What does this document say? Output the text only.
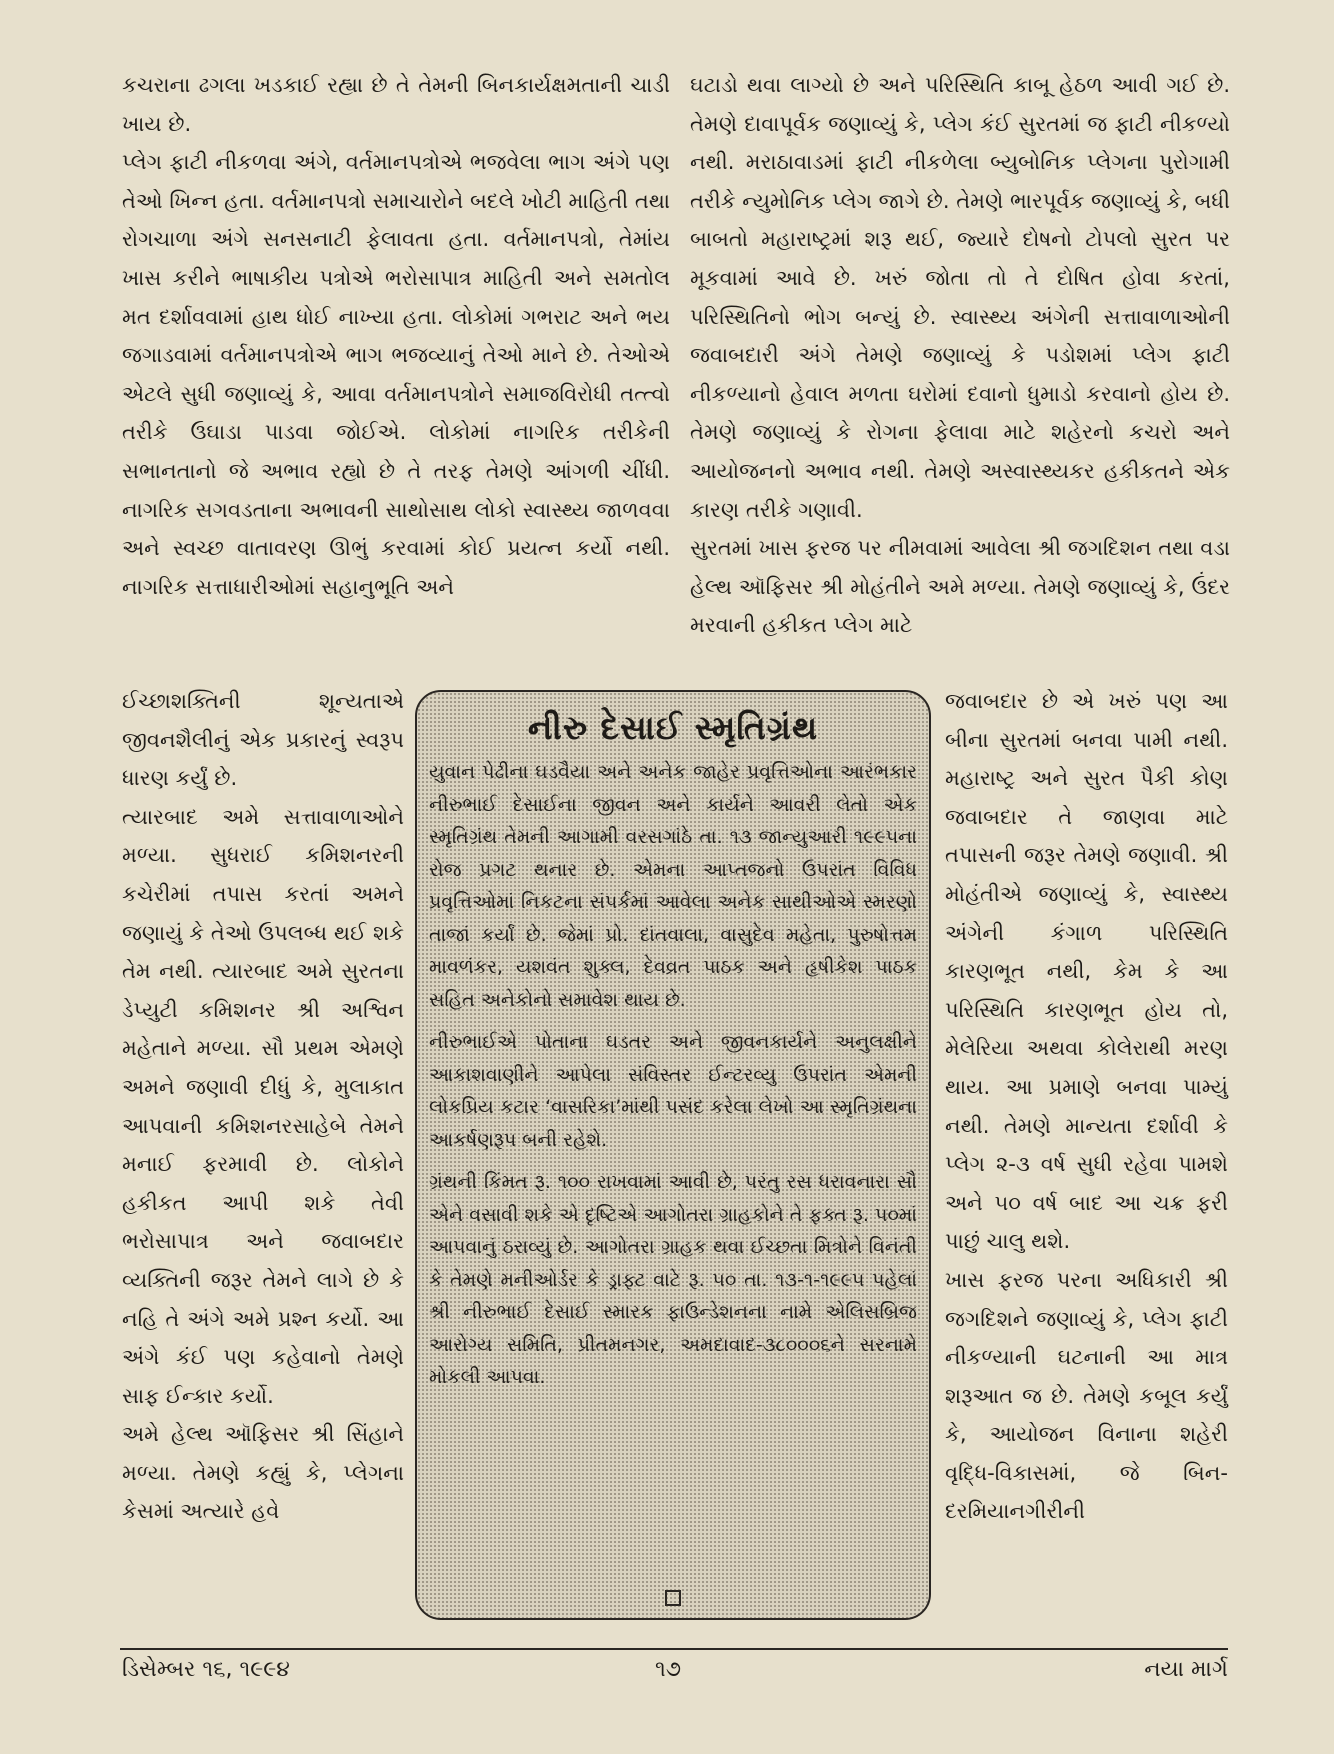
કચરાના ઢગલા ખડકાઈ રહ્યા છે તે તેમની બિનકાર્યક્ષમતાની ચાડી ખાય છે.
પ્લેગ ફાટી નીકળવા અંગે, વર્તમાનપત્રોએ ભજવેલા ભાગ અંગે પણ તેઓ ખિન્ન હતા. વર્તમાનપત્રો સમાચારોને બદલે ખોટી માહિતી તથા રોગચાળા અંગે સનસનાટી ફેલાવતા હતા. વર્તમાનપત્રો, તેમાંય ખાસ કરીને ભાષાકીય પત્રોએ ભરોસાપાત્ર માહિતી અને સમતોલ મત દર્શાવવામાં હાથ ધોઈ નાખ્યા હતા. લોકોમાં ગભરાટ અને ભય જગાડવામાં વર્તમાનપત્રોએ ભાગ ભજવ્યાનું તેઓ માને છે. તેઓએ એટલે સુધી જણાવ્યું કે, આવા વર્તમાનપત્રોને સમાજવિરોધી તત્ત્વો તરીકે ઉઘાડા પાડવા જોઈએ. લોકોમાં નાગરિક તરીકેની સભાનતાનો જે અભાવ રહ્યો છે તે તરફ તેમણે આંગળી ચીંધી. નાગરિક સગવડતાના અભાવની સાથોસાથ લોકો સ્વાસ્થ્ય જાળવવા અને સ્વચ્છ વાતાવરણ ઊભું કરવામાં કોઈ પ્રયત્ન કર્યો નથી. નાગરિક સત્તાધારીઓમાં સહાનુભૂતિ અને

ઈચ્છાશક્તિની શૂન્યતાએ જીવનશૈલીનું એક પ્રકારનું સ્વરૂપ ધારણ કર્યું છે.
ત્યારબાદ અમે સત્તાવાળાઓને મળ્યા. સુધરાઈ કમિશનરની કચેરીમાં તપાસ કરતાં અમને જણાયું કે તેઓ ઉપલબ્ધ થઈ શકે તેમ નથી. ત્યારબાદ અમે સુરતના ડેપ્યુટી કમિશનર શ્રી અશ્વિન મહેતાને મળ્યા. સૌ પ્રથમ એમણે અમને જણાવી દીધું કે, મુલાકાત આપવાની કમિશનરસાહેબે તેમને મનાઈ ફરમાવી છે. લોકોને હકીકત આપી શકે તેવી ભરોસાપાત્ર અને જવાબદાર વ્યક્તિની જરૂર તેમને લાગે છે કે નહિ તે અંગે અમે પ્રશ્ન કર્યો. આ અંગે કંઈ પણ કહેવાનો તેમણે સાફ ઈન્કાર કર્યો.
અમે હેલ્થ ઑફિસર શ્રી સિંહાને મળ્યા. તેમણે કહ્યું કે, પ્લેગના કેસમાં અત્યારે હવે

ઘટાડો થવા લાગ્યો છે અને પરિસ્થિતિ કાબૂ હેઠળ આવી ગઈ છે. તેમણે દાવાપૂર્વક જણાવ્યું કે, પ્લેગ કંઈ સુરતમાં જ ફાટી નીકળ્યો નથી. મરાઠાવાડમાં ફાટી નીકળેલા બ્યુબોનિક પ્લેગના પુરોગામી તરીકે ન્યુમોનિક પ્લેગ જાગે છે. તેમણે ભારપૂર્વક જણાવ્યું કે, બધી બાબતો મહારાષ્ટ્રમાં શરૂ થઈ, જ્યારે દોષનો ટોપલો સુરત પર મૂકવામાં આવે છે. ખરું જોતા તો તે દોષિત હોવા કરતાં, પરિસ્થિતિનો ભોગ બન્યું છે. સ્વાસ્થ્ય અંગેની સત્તાવાળાઓની જવાબદારી અંગે તેમણે જણાવ્યું કે પડોશમાં પ્લેગ ફાટી નીકળ્યાનો હેવાલ મળતા ઘરોમાં દવાનો ધુમાડો કરવાનો હોય છે. તેમણે જણાવ્યું કે રોગના ફેલાવા માટે શહેરનો કચરો અને આયોજનનો અભાવ નથી. તેમણે અસ્વાસ્થ્યકર હકીકતને એક કારણ તરીકે ગણાવી.
સુરતમાં ખાસ ફરજ પર નીમવામાં આવેલા શ્રી જગદિશન તથા વડા હેલ્થ ઑફિસર શ્રી મોહંતીને અમે મળ્યા. તેમણે જણાવ્યું કે, ઉંદર મરવાની હકીકત પ્લેગ માટે

જવાબદાર છે એ ખરું પણ આ બીના સુરતમાં બનવા પામી નથી. મહારાષ્ટ્ર અને સુરત પૈકી કોણ જવાબદાર તે જાણવા માટે તપાસની જરૂર તેમણે જણાવી. શ્રી મોહંતીએ જણાવ્યું કે, સ્વાસ્થ્ય અંગેની કંગાળ પરિસ્થિતિ કારણભૂત નથી, કેમ કે આ પરિસ્થિતિ કારણભૂત હોય તો, મેલેરિયા અથવા કોલેરાથી મરણ થાય. આ પ્રમાણે બનવા પામ્યું નથી. તેમણે માન્યતા દર્શાવી કે પ્લેગ ૨-૩ વર્ષ સુધી રહેવા પામશે અને ૫૦ વર્ષ બાદ આ ચક્ર ફરી પાછું ચાલુ થશે.
ખાસ ફરજ પરના અધિકારી શ્રી જગદિશને જણાવ્યું કે, પ્લેગ ફાટી નીકળ્યાની ઘટનાની આ માત્ર શરૂઆત જ છે. તેમણે કબૂલ કર્યું કે, આયોજન વિનાના શહેરી વૃદ્ધિ-વિકાસમાં, જે બિન-દરમિયાનગીરીની

નીરુ દેસાઈ સ્મૃતિગ્રંથ

યુવાન પેઢીના ઘડવૈયા અને અનેક જાહેર પ્રવૃત્તિઓના આરંભકાર નીરુભાઈ દેસાઈના જીવન અને કાર્યને આવરી લેતો એક સ્મૃતિગ્રંથ તેમની આગામી વરસગાંઠે તા. ૧૩ જાન્યુઆરી ૧૯૯૫ના રોજ પ્રગટ થનાર છે. એમના આપ્તજનો ઉપરાંત વિવિધ પ્રવૃત્તિઓમાં નિકટના સંપર્કમાં આવેલા અનેક સાથીઓએ સ્મરણો તાજાં કર્યાં છે. જેમાં પ્રો. દાંતવાલા, વાસુદેવ મહેતા, પુરુષોત્તમ માવળંકર, યશવંત શુક્લ, દેવવ્રત પાઠક અને હૃષીકેશ પાઠક સહિત અનેકોનો સમાવેશ થાય છે.

નીરુભાઈએ પોતાના ઘડતર અને જીવનકાર્યને અનુલક્ષીને આકાશવાણીને આપેલા સંવિસ્તર ઈન્ટરવ્યુ ઉપરાંત એમની લોકપ્રિય કટાર ‘વાસરિકા’માંથી પસંદ કરેલા લેખો આ સ્મૃતિગ્રંથના આકર્ષણરૂપ બની રહેશે.

ગ્રંથની કિંમત રૂ. ૧૦૦ રાખવામાં આવી છે, પરંતુ રસ ધરાવનારા સૌ એને વસાવી શકે એ દૃષ્ટિએ આગોતરા ગ્રાહકોને તે ફક્ત રૂ. ૫૦માં આપવાનું ઠરાવ્યું છે. આગોતરા ગ્રાહક થવા ઈચ્છતા મિત્રોને વિનંતી કે તેમણે મનીઓર્ડર કે ડ્રાફ્ટ વાટે રૂ. ૫૦ તા. ૧૩-૧-૧૯૯૫ પહેલાં શ્રી નીરુભાઈ દેસાઈ સ્મારક ફાઉન્ડેશનના નામે એલિસબ્રિજ આરોગ્ય સમિતિ, પ્રીતમનગર, અમદાવાદ-૩૮૦૦૦૬ને સરનામે મોકલી આપવા.

ડિસેમ્બર ૧૬, ૧૯૯૪	૧૭	નયા માર્ગ
